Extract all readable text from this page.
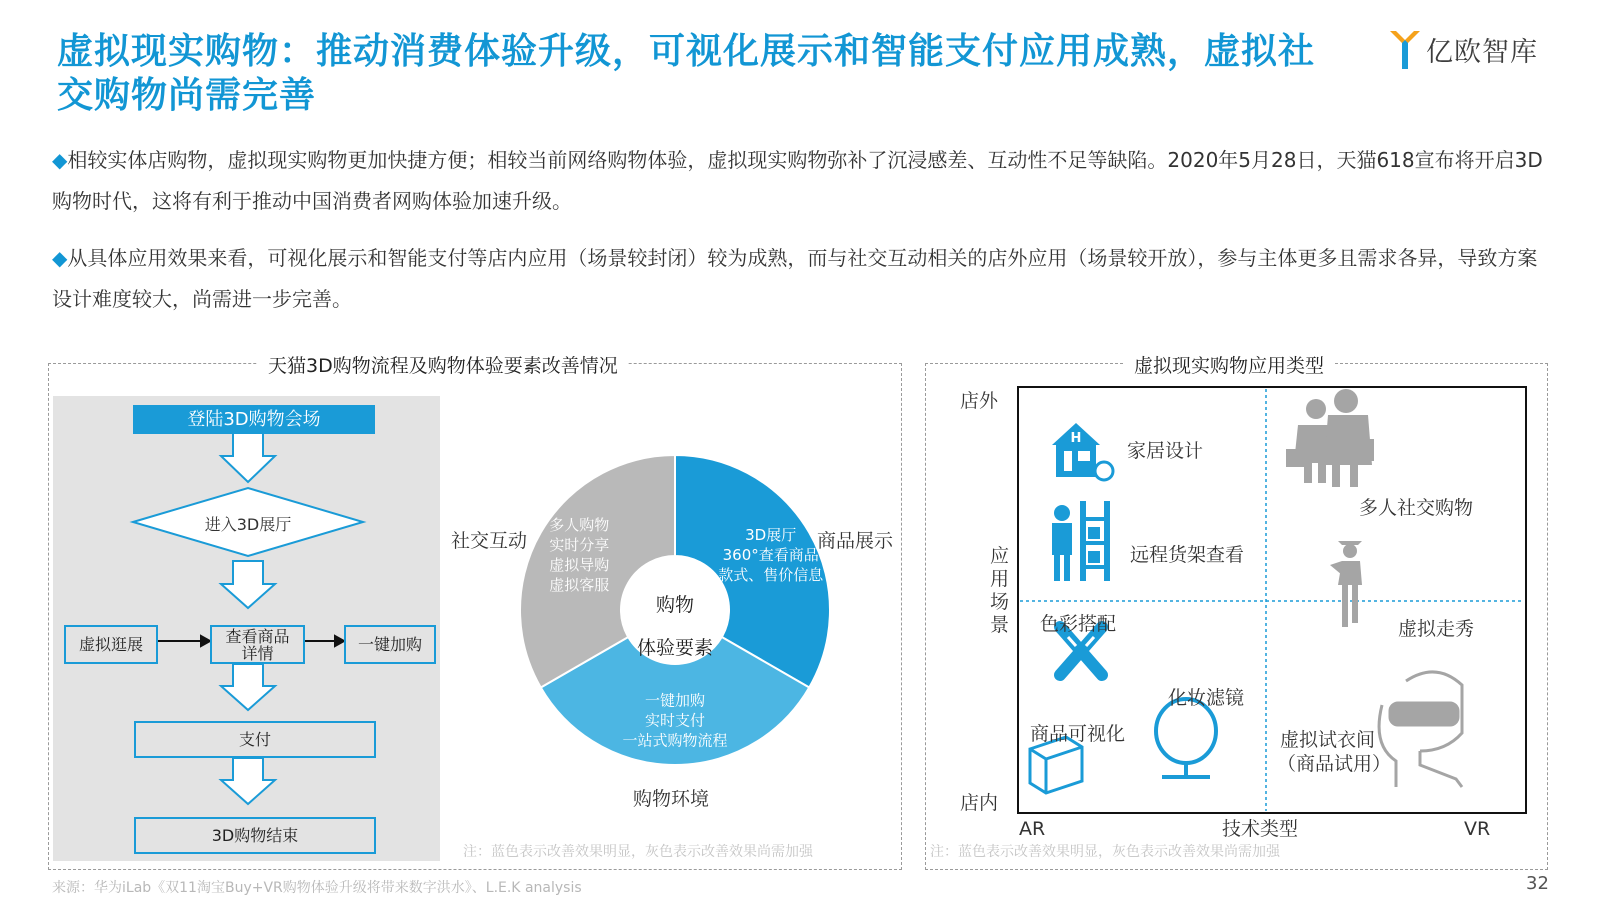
虚拟现实购物：推动消费体验升级，可视化展示和智能支付应用成熟，虚拟社交购物尚需完善
亿欧智库
◆相较实体店购物，虚拟现实购物更加快捷方便；相较当前网络购物体验，虚拟现实购物弥补了沉浸感差、互动性不足等缺陷。2020年5月28日，天猫618宣布将开启3D购物时代，这将有利于推动中国消费者网购体验加速升级。
◆从具体应用效果来看，可视化展示和智能支付等店内应用（场景较封闭）较为成熟，而与社交互动相关的店外应用（场景较开放），参与主体更多且需求各异，导致方案设计难度较大，尚需进一步完善。
天猫3D购物流程及购物体验要素改善情况
登陆3D购物会场
进入3D展厅
虚拟逛展	查看商品详情	一键加购
支付
3D购物结束
3D展厅
360°查看商品
款式、售价信息
一键加购
实时支付
一站式购物流程
多人购物
实时分享
虚拟导购
虚拟客服
社交互动	商品展示
购物环境
购物
体验要素
注：蓝色表示改善效果明显，灰色表示改善效果尚需加强
虚拟现实购物应用类型
H
店外
店内
应用场景
AR	技术类型	VR
家居设计
多人社交购物
远程货架查看
虚拟走秀
色彩搭配
化妆滤镜
商品可视化	虚拟试衣间
（商品试用）
注：蓝色表示改善效果明显，灰色表示改善效果尚需加强
来源：华为iLab《双11淘宝Buy+VR购物体验升级将带来数字洪水》、L.E.K analysis	32
